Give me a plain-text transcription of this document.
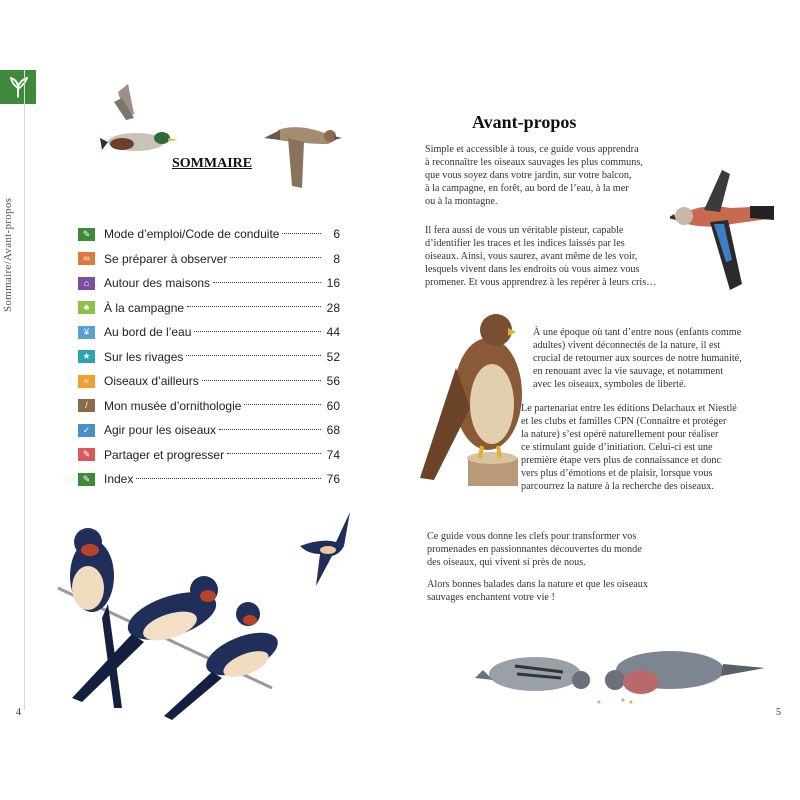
Sommaire/Avant-propos
SOMMAIRE
✎	Mode d’emploi/Code de conduite	6
∞	Se préparer à observer	8
⌂	Autour des maisons	16
♣	À la campagne	28
¥	Au bord de l’eau	44
★	Sur les rivages	52
≈	Oiseaux d’ailleurs	56
/	Mon musée d’ornithologie	60
✓	Agir pour les oiseaux	68
✎	Partager et progresser	74
✎	Index	76
4
Avant-propos
Simple et accessible à tous, ce guide vous apprendra
à reconnaître les oiseaux sauvages les plus communs,
que vous soyez dans votre jardin, sur votre balcon,
à la campagne, en forêt, au bord de l’eau, à la mer
ou à la montagne.
Il fera aussi de vous un véritable pisteur, capable
d’identifier les traces et les indices laissés par les
oiseaux. Ainsi, vous saurez, avant même de les voir,
lesquels vivent dans les endroits où vous aimez vous
promener. Et vous apprendrez à les repérer à leurs cris…
À une époque où tant d’entre nous (enfants comme
adultes) vivent déconnectés de la nature, il est
crucial de retourner aux sources de notre humanité,
en renouant avec la vie sauvage, et notamment
avec les oiseaux, symboles de liberté.
Le partenariat entre les éditions Delachaux et Niestlé
et les clubs et familles CPN (Connaître et protéger
la nature) s’est opéré naturellement pour réaliser
ce stimulant guide d’initiation. Celui-ci est une
première étape vers plus de connaissance et donc
vers plus d’émotions et de plaisir, lorsque vous
parcourrez la nature à la recherche des oiseaux.
Ce guide vous donne les clefs pour transformer vos
promenades en passionnantes découvertes du monde
des oiseaux, qui vivent si près de nous.
Alors bonnes balades dans la nature et que les oiseaux
sauvages enchantent votre vie !
5
